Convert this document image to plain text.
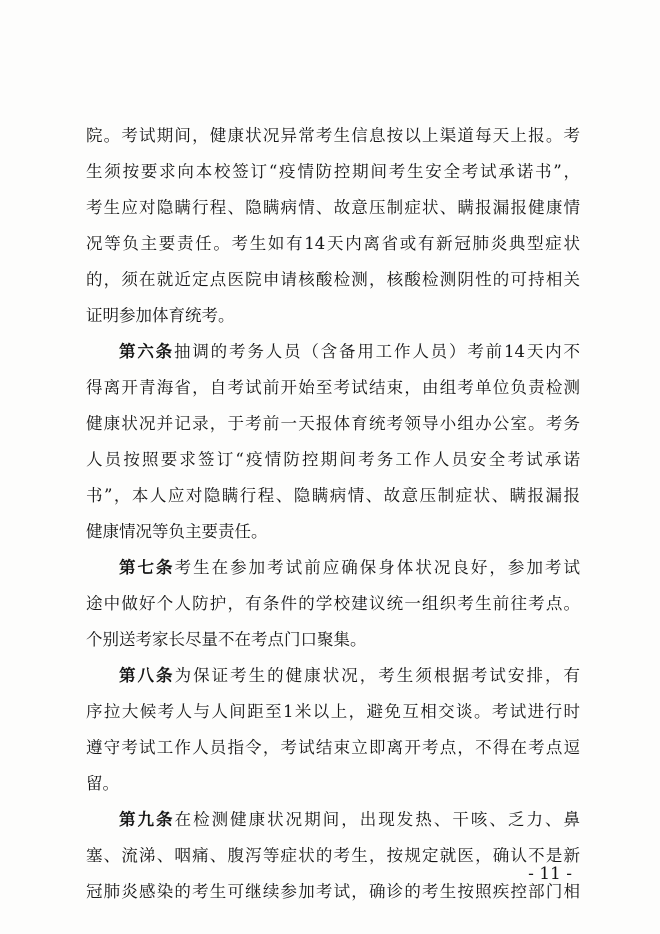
院。考试期间，健康状况异常考生信息按以上渠道每天上报。考
生须按要求向本校签订“疫情防控期间考生安全考试承诺书”，
考生应对隐瞒行程、隐瞒病情、故意压制症状、瞒报漏报健康情
况等负主要责任。考生如有14天内离省或有新冠肺炎典型症状
的，须在就近定点医院申请核酸检测，核酸检测阴性的可持相关
证明参加体育统考。
第六条抽调的考务人员（含备用工作人员）考前14天内不
得离开青海省，自考试前开始至考试结束，由组考单位负责检测
健康状况并记录，于考前一天报体育统考领导小组办公室。考务
人员按照要求签订“疫情防控期间考务工作人员安全考试承诺
书”，本人应对隐瞒行程、隐瞒病情、故意压制症状、瞒报漏报
健康情况等负主要责任。
第七条考生在参加考试前应确保身体状况良好，参加考试
途中做好个人防护，有条件的学校建议统一组织考生前往考点。
个别送考家长尽量不在考点门口聚集。
第八条为保证考生的健康状况，考生须根据考试安排，有
序拉大候考人与人间距至1米以上，避免互相交谈。考试进行时
遵守考试工作人员指令，考试结束立即离开考点，不得在考点逗
留。
第九条在检测健康状况期间，出现发热、干咳、乏力、鼻
塞、流涕、咽痛、腹泻等症状的考生，按规定就医，确认不是新
冠肺炎感染的考生可继续参加考试，确诊的考生按照疾控部门相
- 11 -
